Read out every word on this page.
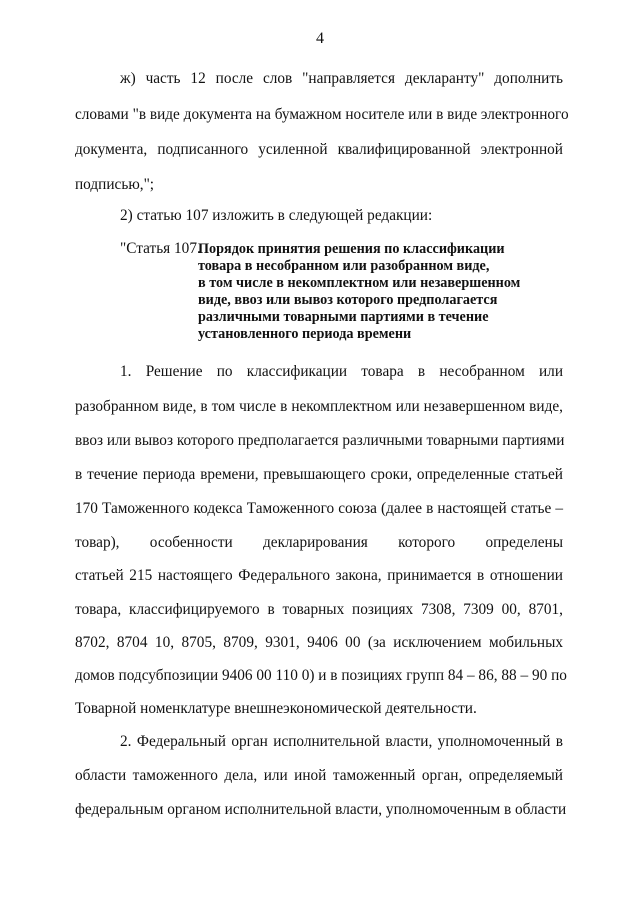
4
ж) часть 12 после слов "направляется декларанту" дополнить
словами "в виде документа на бумажном носителе или в виде электронного
документа, подписанного усиленной квалифицированной электронной
подписью,";
2) статью 107 изложить в следующей редакции:
"Статья 107.
Порядок принятия решения по классификации
товара в несобранном или разобранном виде,
в том числе в некомплектном или незавершенном
виде, ввоз или вывоз которого предполагается
различными товарными партиями в течение
установленного периода времени
1. Решение по классификации товара в несобранном или
разобранном виде, в том числе в некомплектном или незавершенном виде,
ввоз или вывоз которого предполагается различными товарными партиями
в течение периода времени, превышающего сроки, определенные статьей
170 Таможенного кодекса Таможенного союза (далее в настоящей статье –
товар), особенности декларирования которого определены
статьей 215 настоящего Федерального закона, принимается в отношении
товара, классифицируемого в товарных позициях 7308, 7309 00, 8701,
8702, 8704 10, 8705, 8709, 9301, 9406 00 (за исключением мобильных
домов подсубпозиции 9406 00 110 0) и в позициях групп 84 – 86, 88 – 90 по
Товарной номенклатуре внешнеэкономической деятельности.
2. Федеральный орган исполнительной власти, уполномоченный в
области таможенного дела, или иной таможенный орган, определяемый
федеральным органом исполнительной власти, уполномоченным в области
